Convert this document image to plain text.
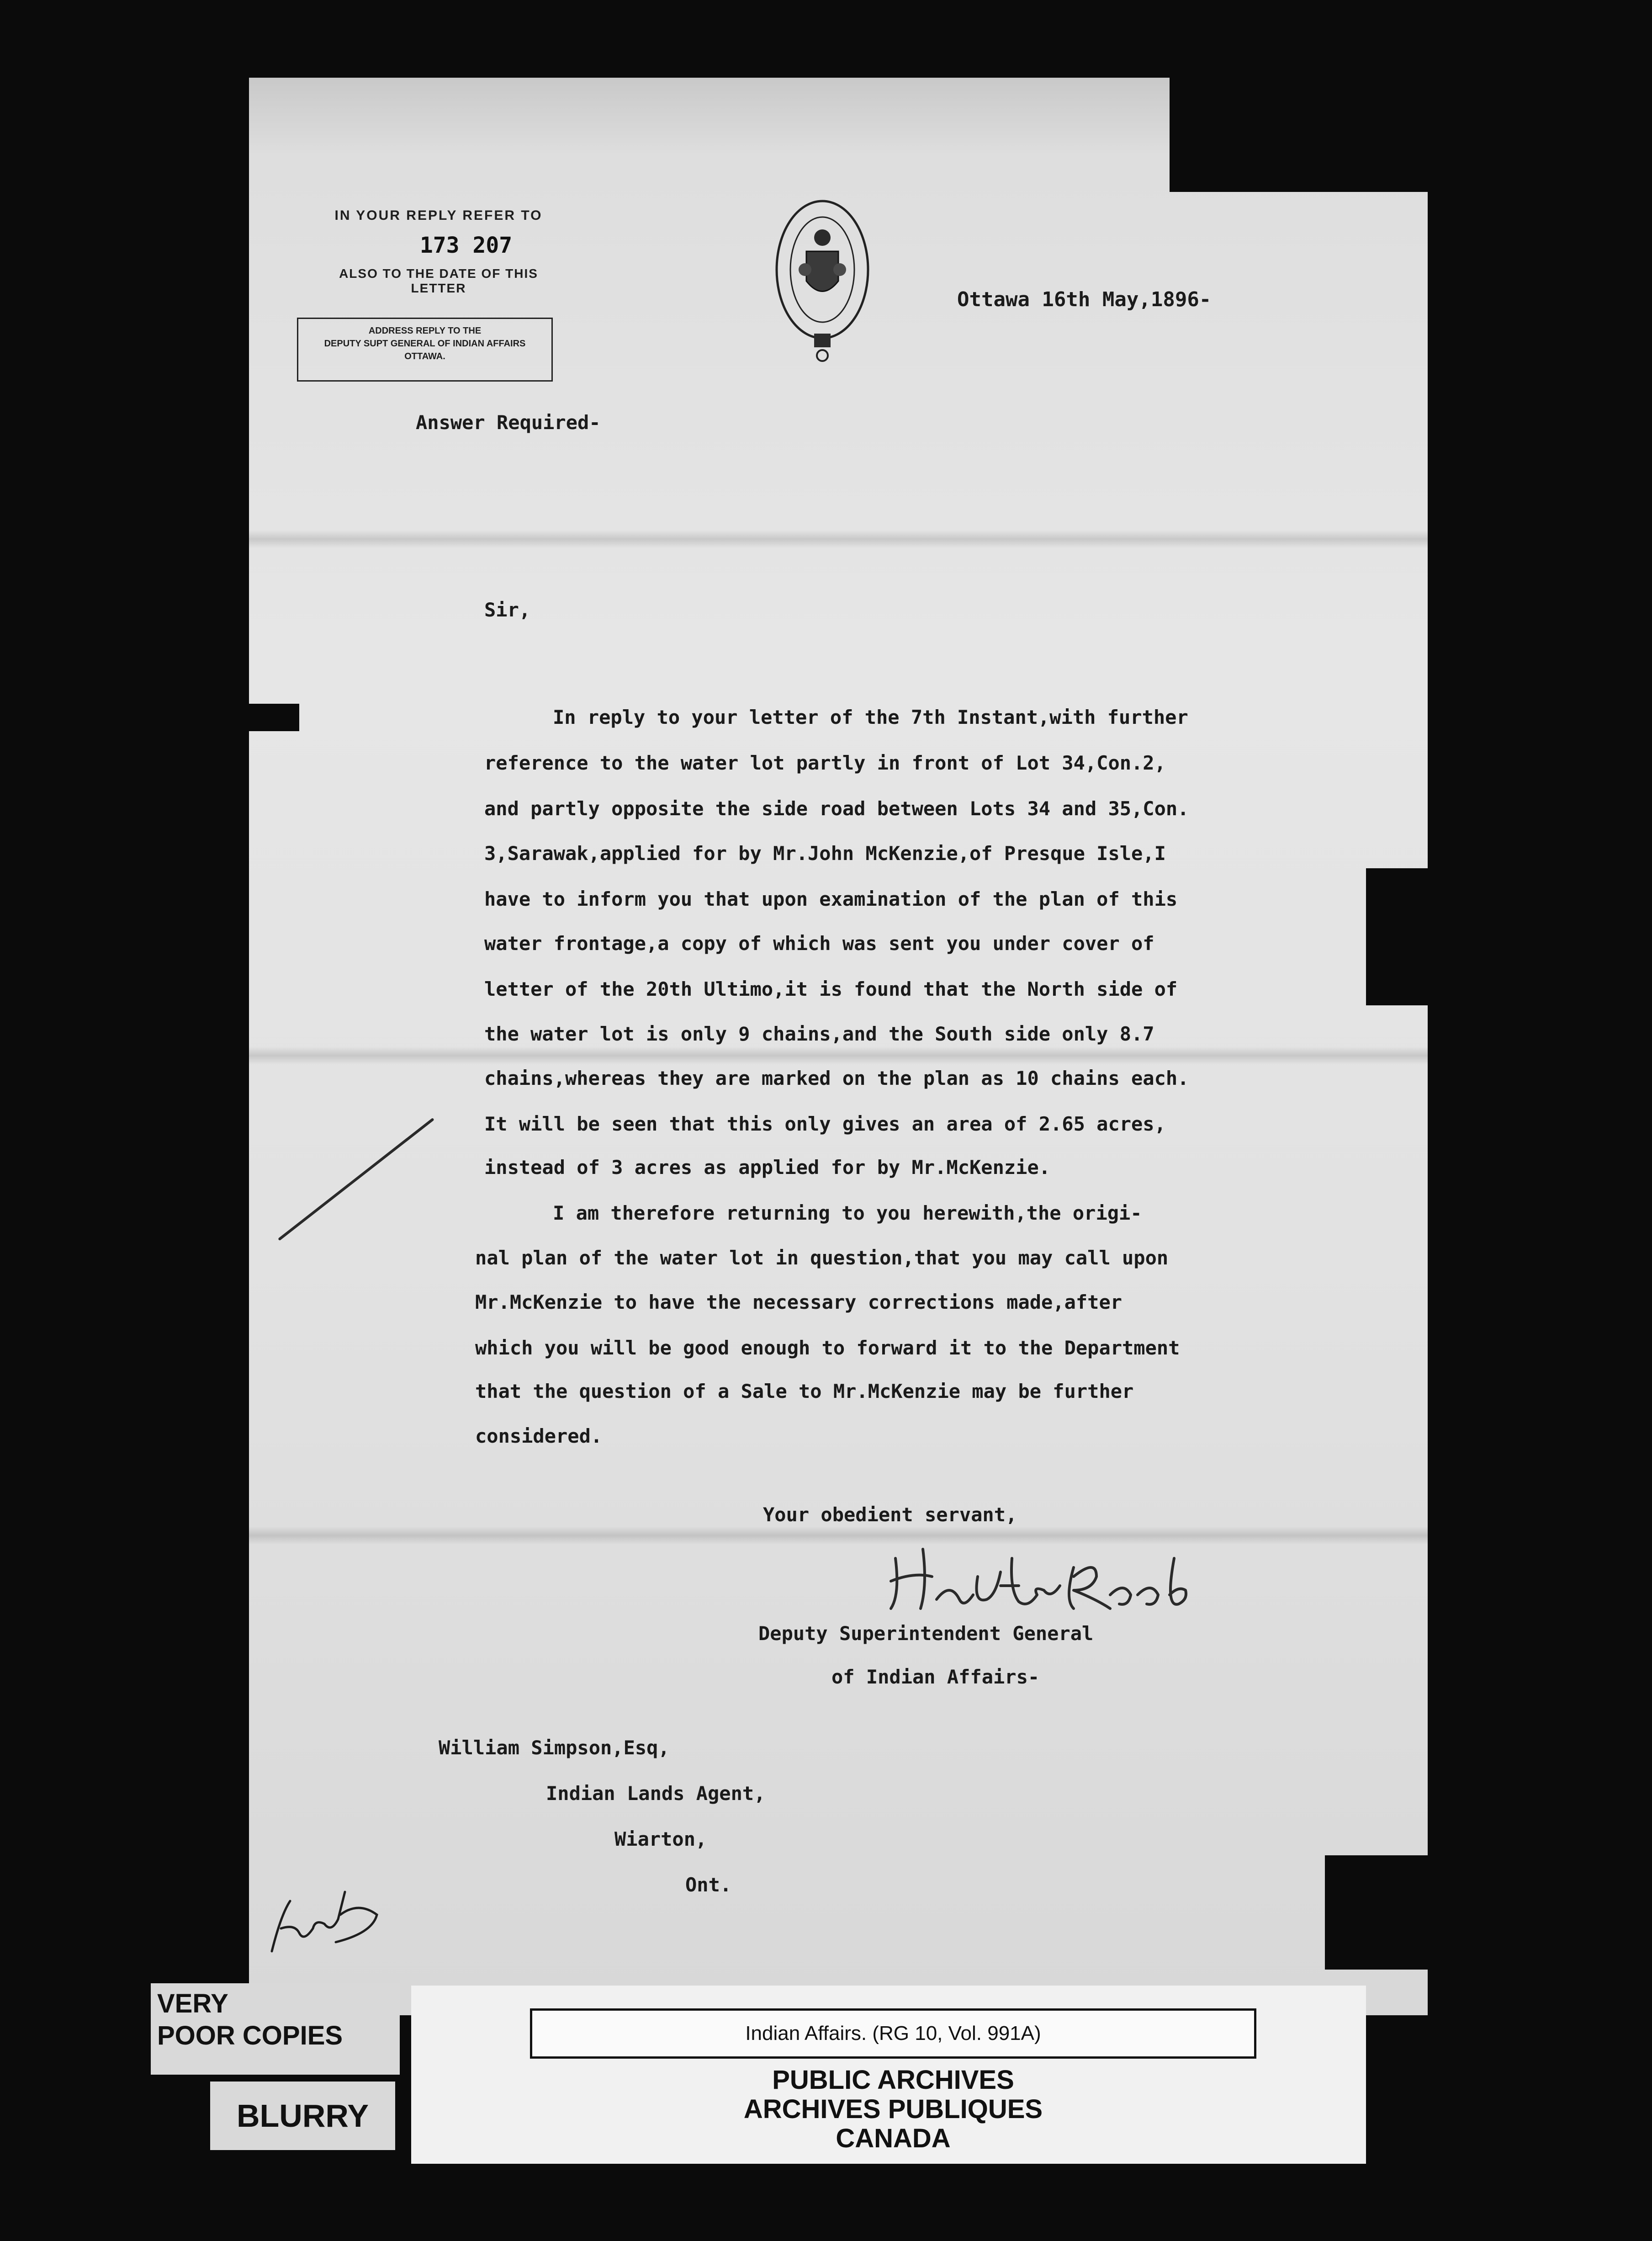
IN YOUR REPLY REFER TO
173 207
ALSO TO THE DATE OF THIS LETTER
ADDRESS REPLY TO THE
DEPUTY SUPT GENERAL OF INDIAN AFFAIRS
OTTAWA.
Ottawa 16th May,1896-
Answer Required-
Sir,
In reply to your letter of the 7th Instant,with further
reference to the water lot partly in front of Lot 34,Con.2,
and partly opposite the side road between Lots 34 and 35,Con.
3,Sarawak,applied for by Mr.John McKenzie,of Presque Isle,I
have to inform you that upon examination of the plan of this
water frontage,a copy of which was sent you under cover of
letter of the 20th Ultimo,it is found that the North side of
the water lot is only 9 chains,and the South side only 8.7
chains,whereas they are marked on the plan as 10 chains each.
It will be seen that this only gives an area of 2.65 acres,
instead of 3 acres as applied for by Mr.McKenzie.
I am therefore returning to you herewith,the origi-
nal plan of the water lot in question,that you may call upon
Mr.McKenzie to have the necessary corrections made,after
which you will be good enough to forward it to the Department
that the question of a Sale to Mr.McKenzie may be further
considered.
Your obedient servant,
Deputy Superintendent General
of Indian Affairs-
William Simpson,Esq,
Indian Lands Agent,
Wiarton,
Ont.
Indian Affairs. (RG 10, Vol. 991A)
PUBLIC ARCHIVES
ARCHIVES PUBLIQUES
CANADA
VERY
POOR COPIES
BLURRY
